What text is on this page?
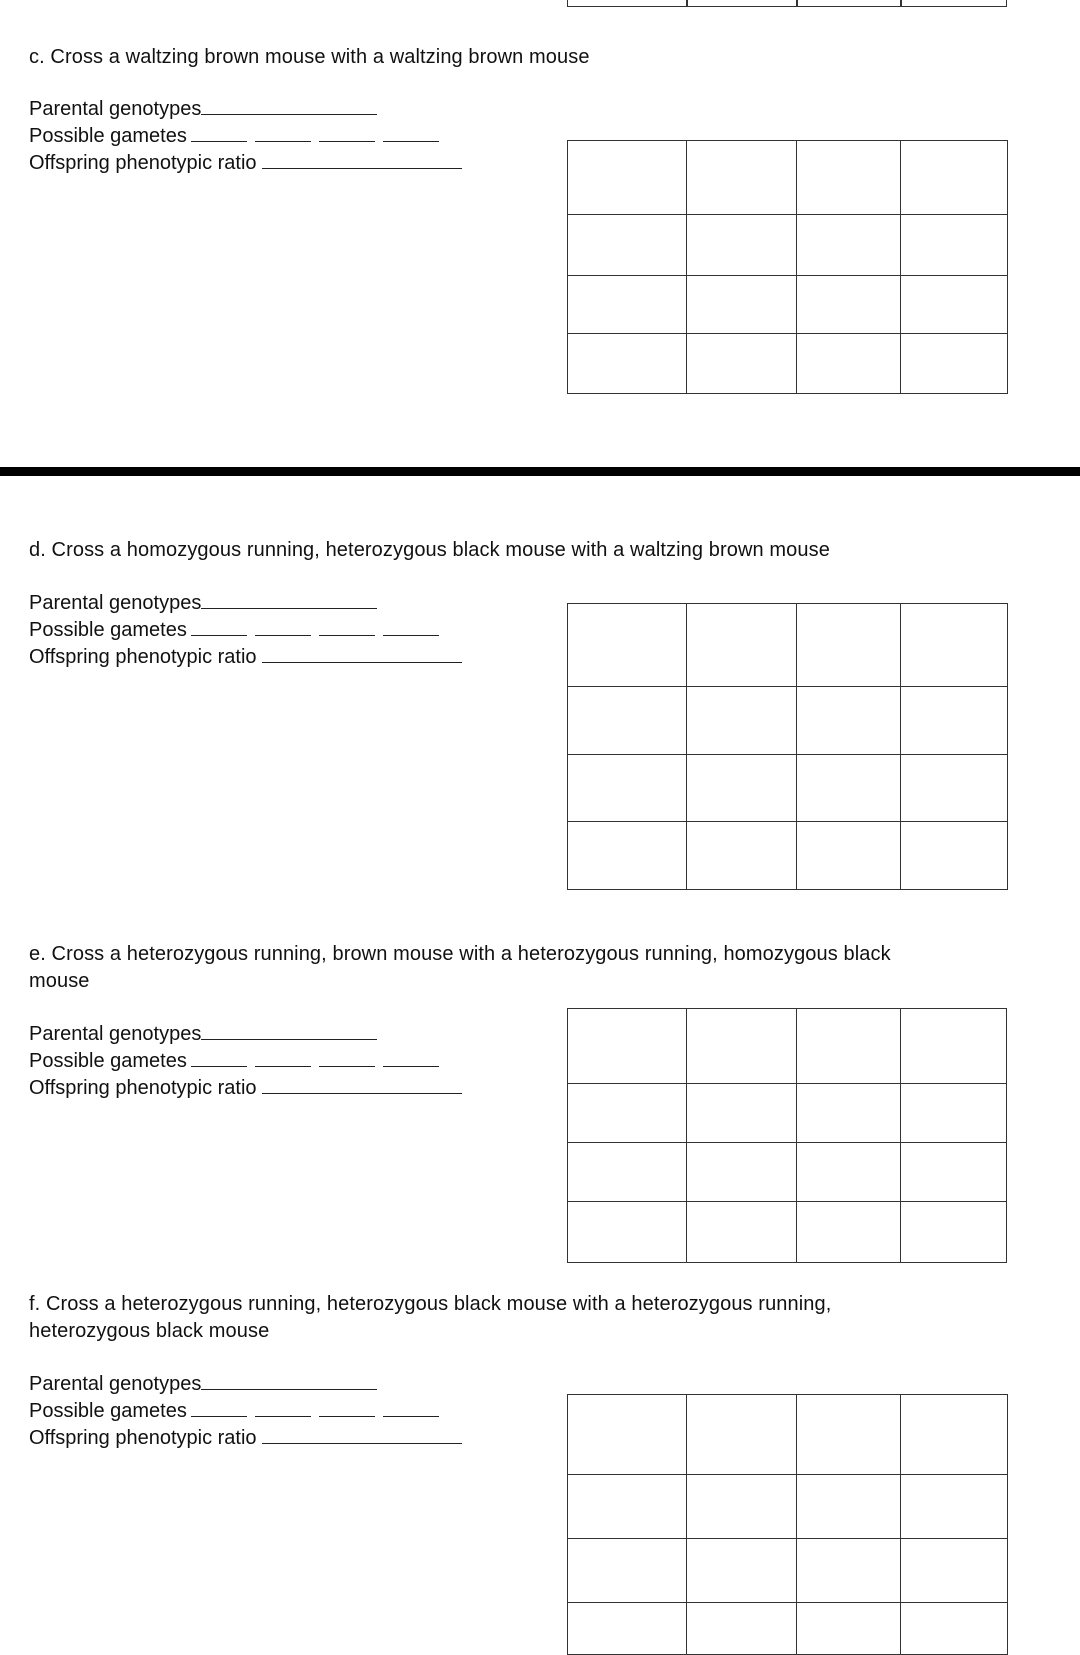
c. Cross a waltzing brown mouse with a waltzing brown mouse
Parental genotypes
Possible gametes
Offspring phenotypic ratio

d. Cross a homozygous running, heterozygous black mouse with a waltzing brown mouse
Parental genotypes
Possible gametes
Offspring phenotypic ratio

e. Cross a heterozygous running, brown mouse with a heterozygous running, homozygous black mouse
Parental genotypes
Possible gametes
Offspring phenotypic ratio

f. Cross a heterozygous running, heterozygous black mouse with a heterozygous running, heterozygous black mouse
Parental genotypes
Possible gametes
Offspring phenotypic ratio
